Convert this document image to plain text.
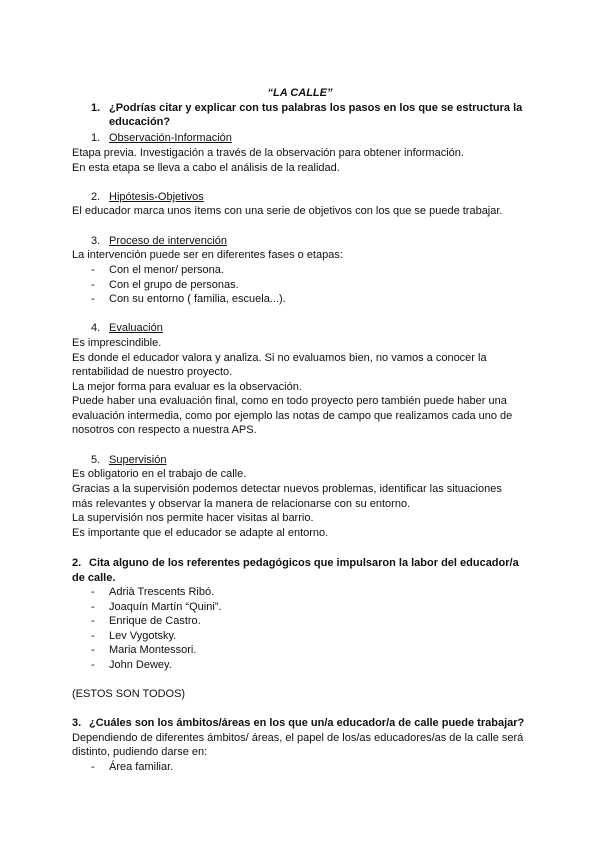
“LA CALLE”
1. ¿Podrías citar y explicar con tus palabras los pasos en los que se estructura la
educación?
1. Observación-Información
Etapa previa. Investigación a través de la observación para obtener información.
En esta etapa se lleva a cabo el análisis de la realidad.
2. Hipótesis-Objetivos
El educador marca unos ítems con una serie de objetivos con los que se puede trabajar.
3. Proceso de intervención
La intervención puede ser en diferentes fases o etapas:
- Con el menor/ persona.
- Con el grupo de personas.
- Con su entorno ( familia, escuela...).
4. Evaluación
Es imprescindible.
Es donde el educador valora y analiza. Si no evaluamos bien, no vamos a conocer la
rentabilidad de nuestro proyecto.
La mejor forma para evaluar es la observación.
Puede haber una evaluación final, como en todo proyecto pero también puede haber una
evaluación intermedia, como por ejemplo las notas de campo que realizamos cada uno de
nosotros con respecto a nuestra APS.
5. Supervisión
Es obligatorio en el trabajo de calle.
Gracias a la supervisión podemos detectar nuevos problemas, identificar las situaciones
más relevantes y observar la manera de relacionarse con su entorno.
La supervisión nos permite hacer visitas al barrio.
Es importante que el educador se adapte al entorno.
2. Cita alguno de los referentes pedagógicos que impulsaron la labor del educador/a
de calle.
- Adrià Trescents Ribó.
- Joaquín Martín “Quini”.
- Enrique de Castro.
- Lev Vygotsky.
- Maria Montessori.
- John Dewey.
(ESTOS SON TODOS)
3. ¿Cuáles son los ámbitos/áreas en los que un/a educador/a de calle puede trabajar?
Dependiendo de diferentes ámbitos/ áreas, el papel de los/as educadores/as de la calle será
distinto, pudiendo darse en:
- Área familiar.
